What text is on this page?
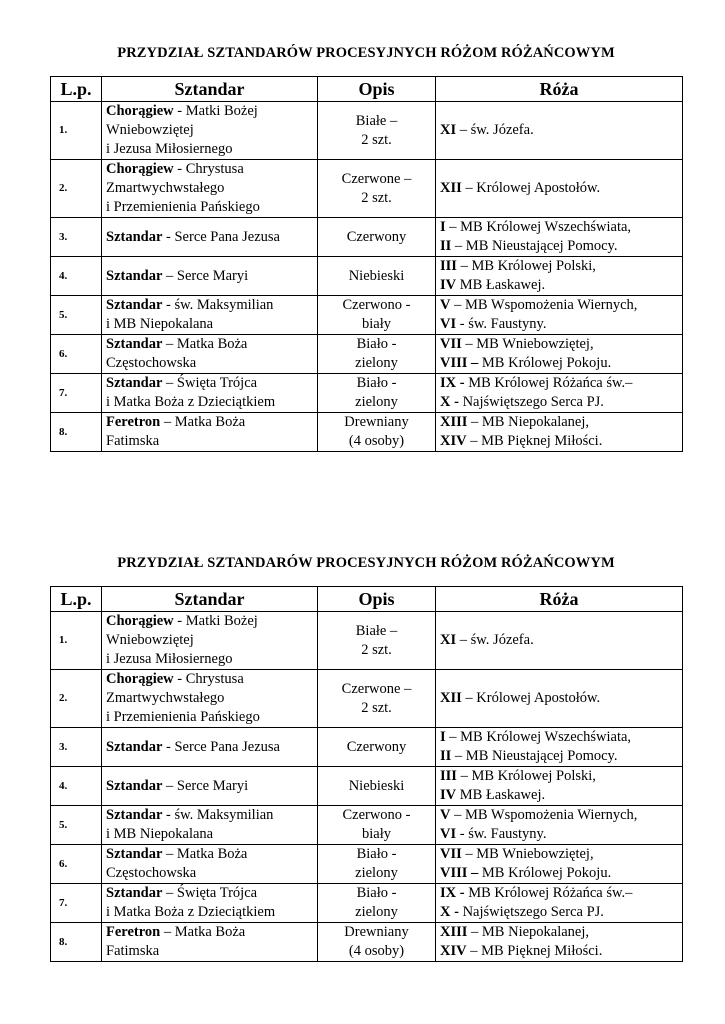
PRZYDZIAŁ SZTANDARÓW PROCESYJNYCH RÓŻOM RÓŻAŃCOWYM
L.p.	Sztandar	Opis	Róża
1.	Chorągiew - Matki Bożej
Wniebowziętej
i Jezusa Miłosiernego	Białe –
2 szt.	XI – św. Józefa.
2.	Chorągiew - Chrystusa
Zmartwychwstałego
i Przemienienia Pańskiego	Czerwone –
2 szt.	XII – Królowej Apostołów.
3.	Sztandar - Serce Pana Jezusa	Czerwony	I – MB Królowej Wszechświata,
II – MB Nieustającej Pomocy.
4.	Sztandar – Serce Maryi	Niebieski	III – MB Królowej Polski,
IV MB Łaskawej.
5.	Sztandar - św. Maksymilian
i MB Niepokalana	Czerwono -
biały	V – MB Wspomożenia Wiernych,
VI - św. Faustyny.
6.	Sztandar – Matka Boża
Częstochowska	Biało -
zielony	VII – MB Wniebowziętej,
VIII – MB Królowej Pokoju.
7.	Sztandar – Święta Trójca
i Matka Boża z Dzieciątkiem	Biało -
zielony	IX - MB Królowej Różańca św.–
X - Najświętszego Serca PJ.
8.	Feretron – Matka Boża
Fatimska	Drewniany
(4 osoby)	XIII – MB Niepokalanej,
XIV – MB Pięknej Miłości.
PRZYDZIAŁ SZTANDARÓW PROCESYJNYCH RÓŻOM RÓŻAŃCOWYM
L.p.	Sztandar	Opis	Róża
1.	Chorągiew - Matki Bożej
Wniebowziętej
i Jezusa Miłosiernego	Białe –
2 szt.	XI – św. Józefa.
2.	Chorągiew - Chrystusa
Zmartwychwstałego
i Przemienienia Pańskiego	Czerwone –
2 szt.	XII – Królowej Apostołów.
3.	Sztandar - Serce Pana Jezusa	Czerwony	I – MB Królowej Wszechświata,
II – MB Nieustającej Pomocy.
4.	Sztandar – Serce Maryi	Niebieski	III – MB Królowej Polski,
IV MB Łaskawej.
5.	Sztandar - św. Maksymilian
i MB Niepokalana	Czerwono -
biały	V – MB Wspomożenia Wiernych,
VI - św. Faustyny.
6.	Sztandar – Matka Boża
Częstochowska	Biało -
zielony	VII – MB Wniebowziętej,
VIII – MB Królowej Pokoju.
7.	Sztandar – Święta Trójca
i Matka Boża z Dzieciątkiem	Biało -
zielony	IX - MB Królowej Różańca św.–
X - Najświętszego Serca PJ.
8.	Feretron – Matka Boża
Fatimska	Drewniany
(4 osoby)	XIII – MB Niepokalanej,
XIV – MB Pięknej Miłości.
